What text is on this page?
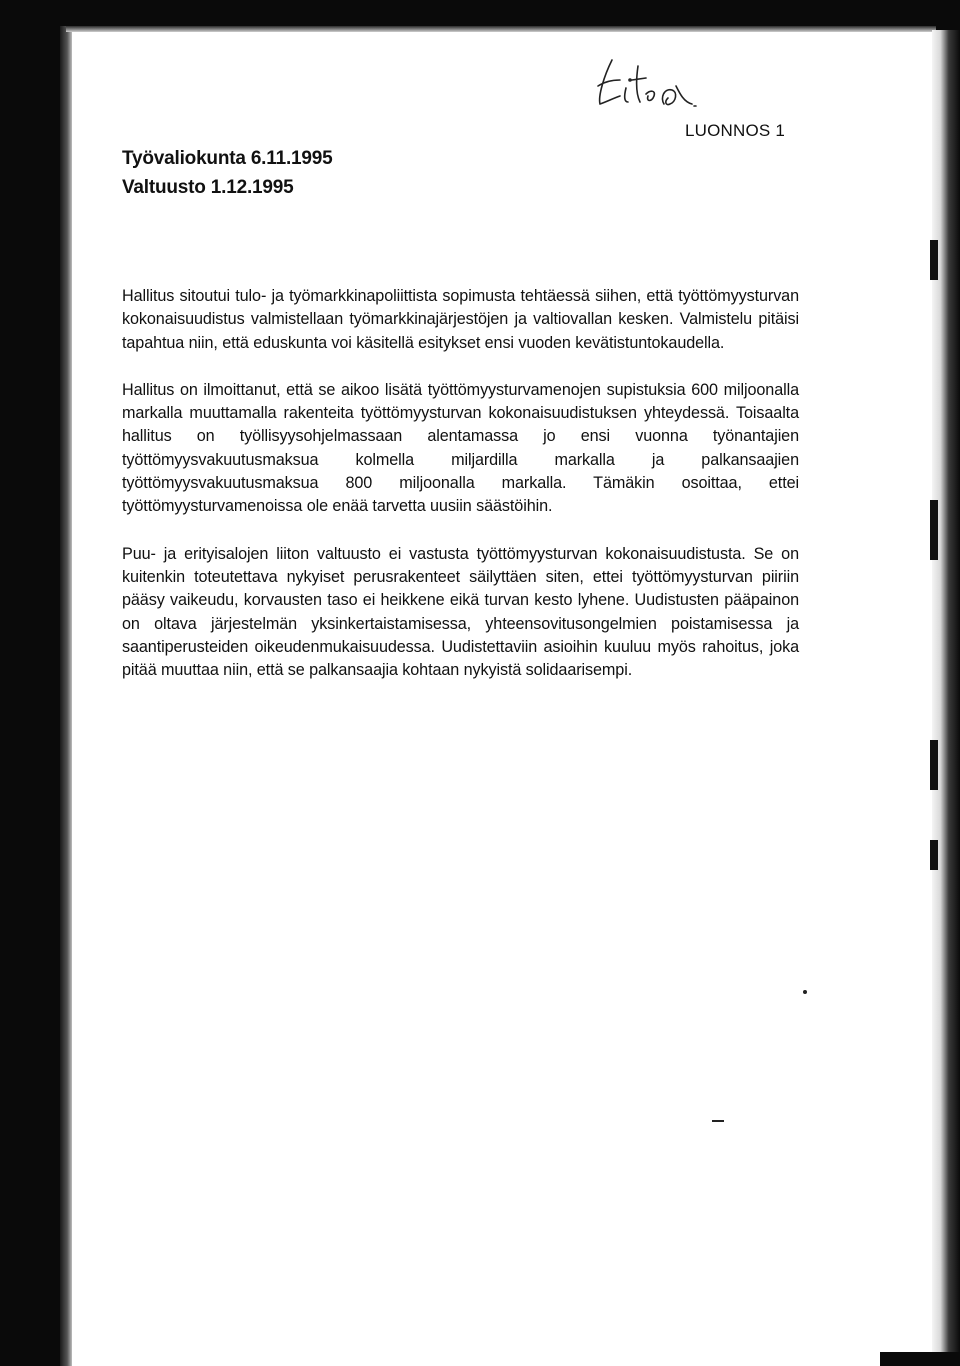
Työvaliokunta 6.11.1995
Valtuusto 1.12.1995
LUONNOS 1

Hallitus sitoutui tulo- ja työmarkkinapoliittista sopimusta tehtäessä siihen, että työttömyysturvan kokonaisuudistus valmistellaan työmarkkinajärjestöjen ja valtiovallan kesken. Valmistelu pitäisi tapahtua niin, että eduskunta voi käsitellä esitykset ensi vuoden kevätistuntokaudella.

Hallitus on ilmoittanut, että se aikoo lisätä työttömyysturvamenojen supistuksia 600 miljoonalla markalla muuttamalla rakenteita työttömyysturvan kokonaisuudistuksen yhteydessä. Toisaalta hallitus on työllisyysohjelmassaan alentamassa jo ensi vuonna työnantajien työttömyysvakuutusmaksua kolmella miljardilla markalla ja palkansaajien työttömyysvakuutusmaksua 800 miljoonalla markalla. Tämäkin osoittaa, ettei työttömyysturvamenoissa ole enää tarvetta uusiin säästöihin.

Puu- ja erityisalojen liiton valtuusto ei vastusta työttömyysturvan kokonaisuudistusta. Se on kuitenkin toteutettava nykyiset perusrakenteet säilyttäen siten, ettei työttömyysturvan piiriin pääsy vaikeudu, korvausten taso ei heikkene eikä turvan kesto lyhene. Uudistusten pääpainon on oltava järjestelmän yksinkertaistamisessa, yhteensovitusongelmien poistamisessa ja saantiperusteiden oikeudenmukaisuudessa. Uudistettaviin asioihin kuuluu myös rahoitus, joka pitää muuttaa niin, että se palkansaajia kohtaan nykyistä solidaarisempi.
